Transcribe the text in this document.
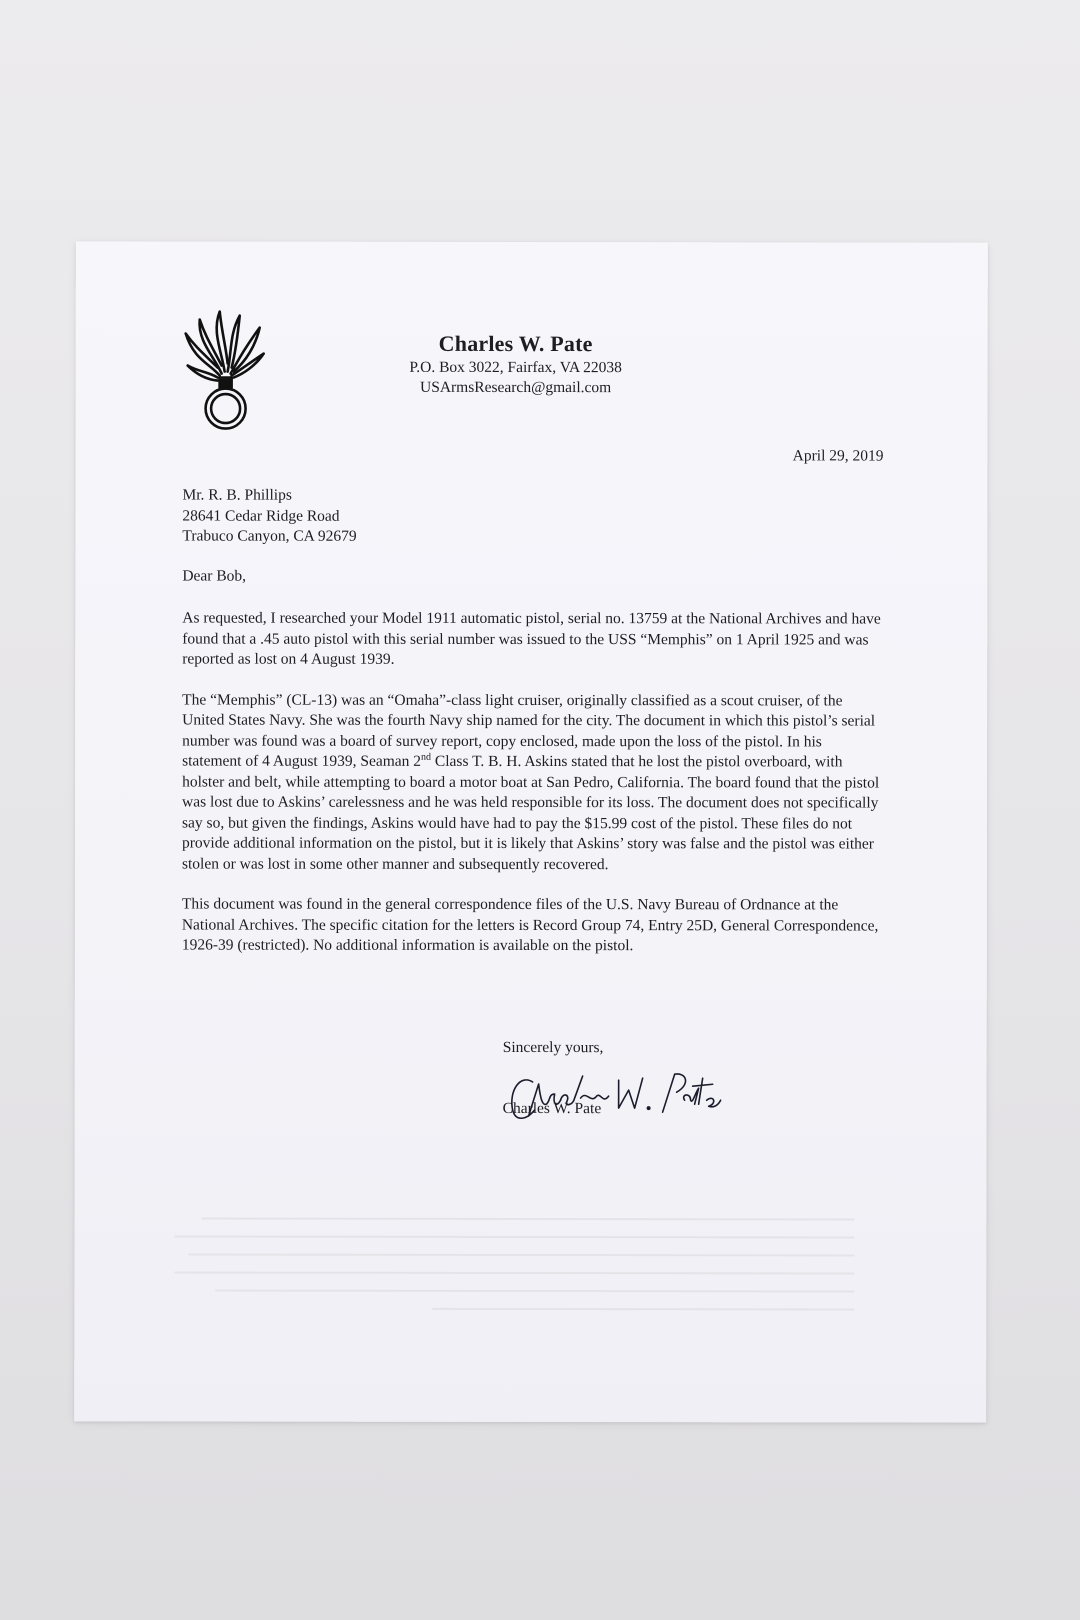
Charles W. Pate
P.O. Box 3022, Fairfax, VA 22038
USArmsResearch@gmail.com
April 29, 2019
Mr. R. B. Phillips
28641 Cedar Ridge Road
Trabuco Canyon, CA 92679
Dear Bob,

As requested, I researched your Model 1911 automatic pistol, serial no. 13759 at the National Archives and have found that a .45 auto pistol with this serial number was issued to the USS “Memphis” on 1 April 1925 and was reported as lost on 4 August 1939.

The “Memphis” (CL-13) was an “Omaha”-class light cruiser, originally classified as a scout cruiser, of the United States Navy. She was the fourth Navy ship named for the city. The document in which this pistol’s serial number was found was a board of survey report, copy enclosed, made upon the loss of the pistol. In his statement of 4 August 1939, Seaman 2nd Class T. B. H. Askins stated that he lost the pistol overboard, with holster and belt, while attempting to board a motor boat at San Pedro, California. The board found that the pistol was lost due to Askins’ carelessness and he was held responsible for its loss. The document does not specifically say so, but given the findings, Askins would have had to pay the $15.99 cost of the pistol. These files do not provide additional information on the pistol, but it is likely that Askins’ story was false and the pistol was either stolen or was lost in some other manner and subsequently recovered.

This document was found in the general correspondence files of the U.S. Navy Bureau of Ordnance at the National Archives. The specific citation for the letters is Record Group 74, Entry 25D, General Correspondence, 1926-39 (restricted). No additional information is available on the pistol.

Sincerely yours,
Charles W. Pate
